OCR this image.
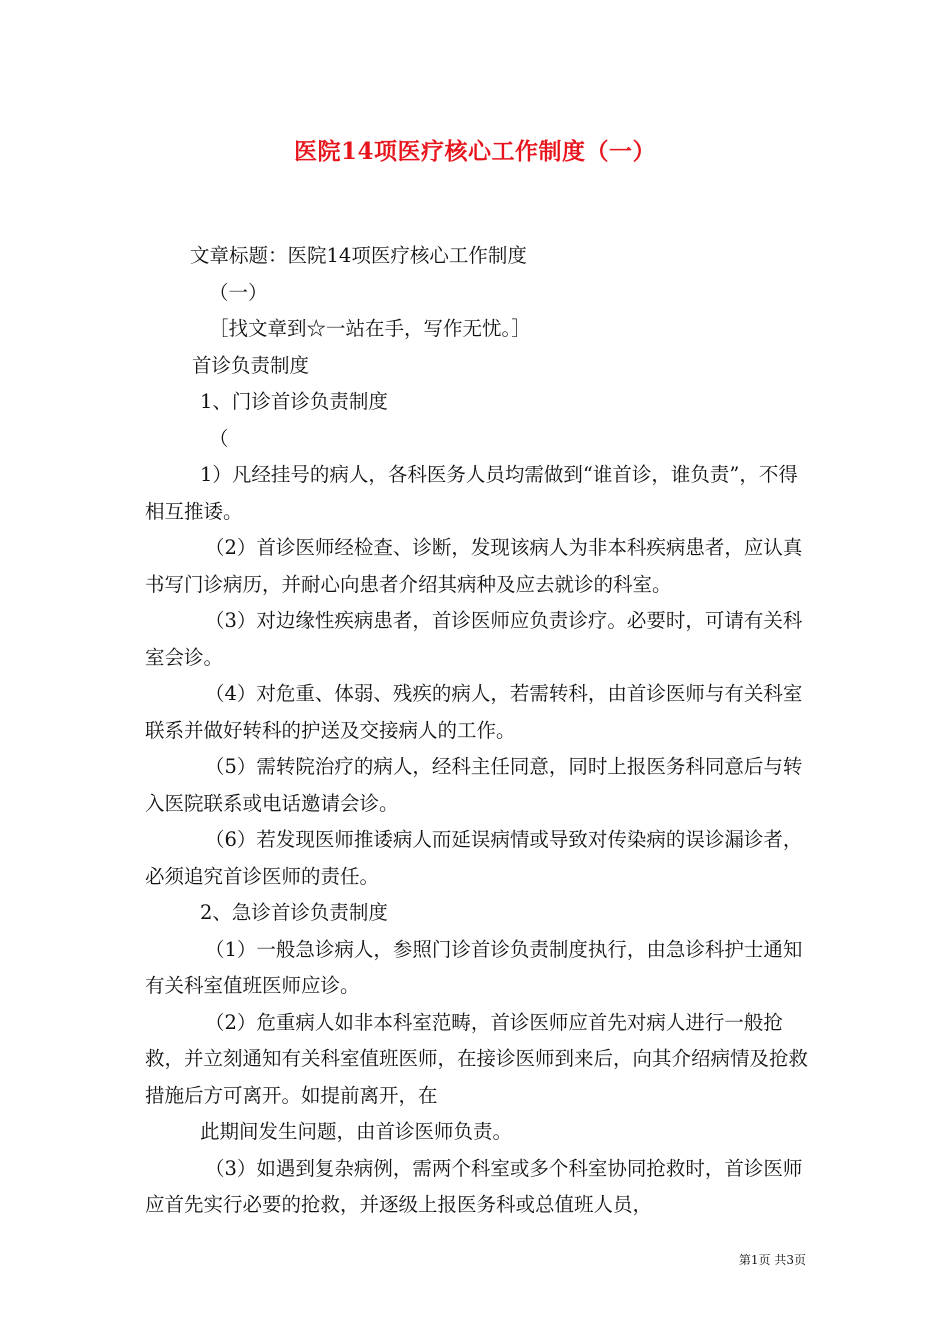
医院14项医疗核心工作制度（一）

文章标题：医院14项医疗核心工作制度

（一）

［找文章到☆一站在手，写作无忧。］

首诊负责制度

1、门诊首诊负责制度

（

1）凡经挂号的病人，各科医务人员均需做到“谁首诊，谁负责”，不得相互推诿。

（2）首诊医师经检查、诊断，发现该病人为非本科疾病患者，应认真书写门诊病历，并耐心向患者介绍其病种及应去就诊的科室。

（3）对边缘性疾病患者，首诊医师应负责诊疗。必要时，可请有关科室会诊。

（4）对危重、体弱、残疾的病人，若需转科，由首诊医师与有关科室联系并做好转科的护送及交接病人的工作。

（5）需转院治疗的病人，经科主任同意，同时上报医务科同意后与转入医院联系或电话邀请会诊。

（6）若发现医师推诿病人而延误病情或导致对传染病的误诊漏诊者，必须追究首诊医师的责任。

2、急诊首诊负责制度

（1）一般急诊病人，参照门诊首诊负责制度执行，由急诊科护士通知有关科室值班医师应诊。

（2）危重病人如非本科室范畴，首诊医师应首先对病人进行一般抢救，并立刻通知有关科室值班医师，在接诊医师到来后，向其介绍病情及抢救措施后方可离开。如提前离开，在

此期间发生问题，由首诊医师负责。

（3）如遇到复杂病例，需两个科室或多个科室协同抢救时，首诊医师应首先实行必要的抢救，并逐级上报医务科或总值班人员，

第1页 共3页
